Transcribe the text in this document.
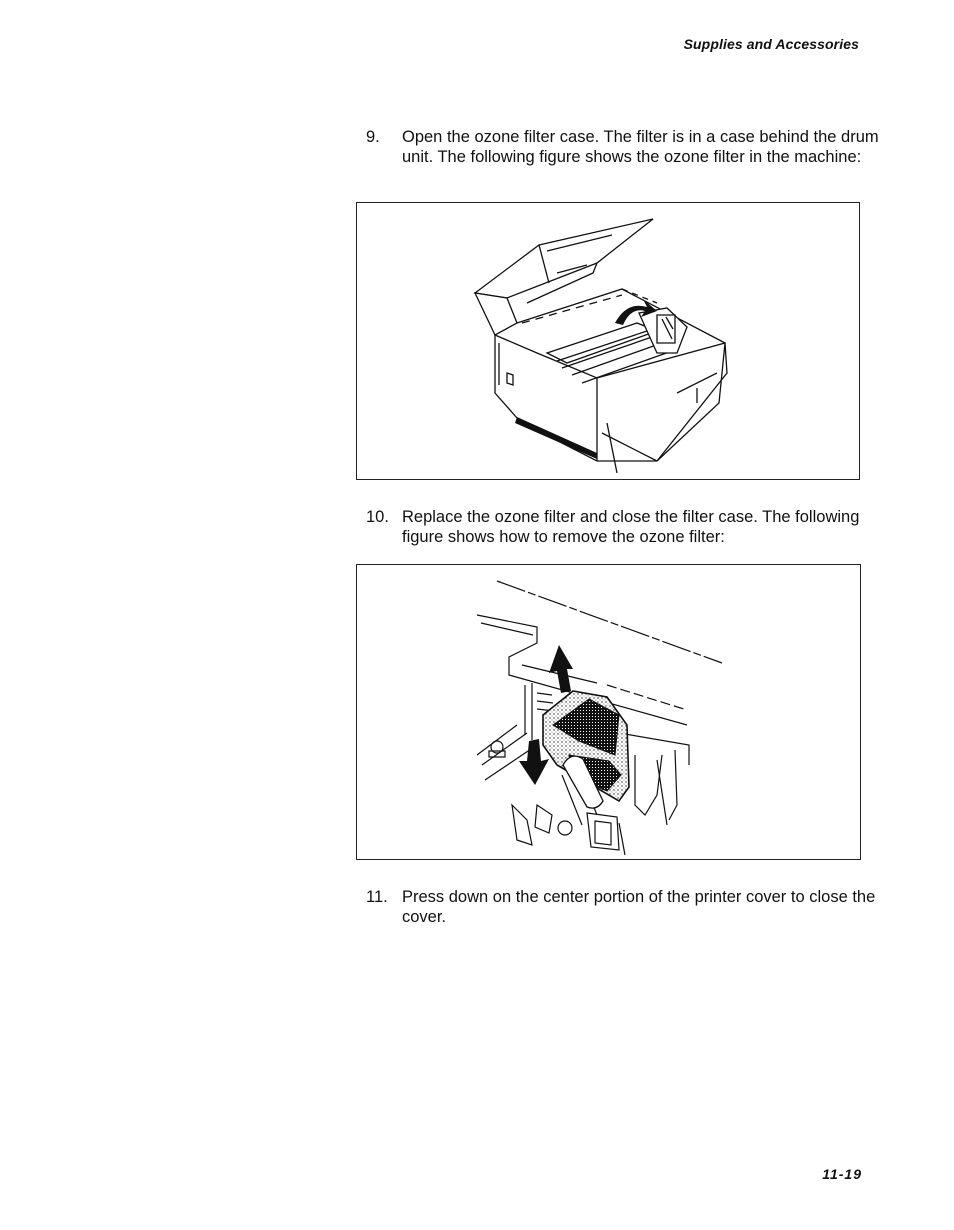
Supplies and Accessories
9. Open the ozone filter case. The filter is in a case behind the drum unit. The following figure shows the ozone filter in the machine:
10. Replace the ozone filter and close the filter case. The following figure shows how to remove the ozone filter:
11. Press down on the center portion of the printer cover to close the cover.
11-19
